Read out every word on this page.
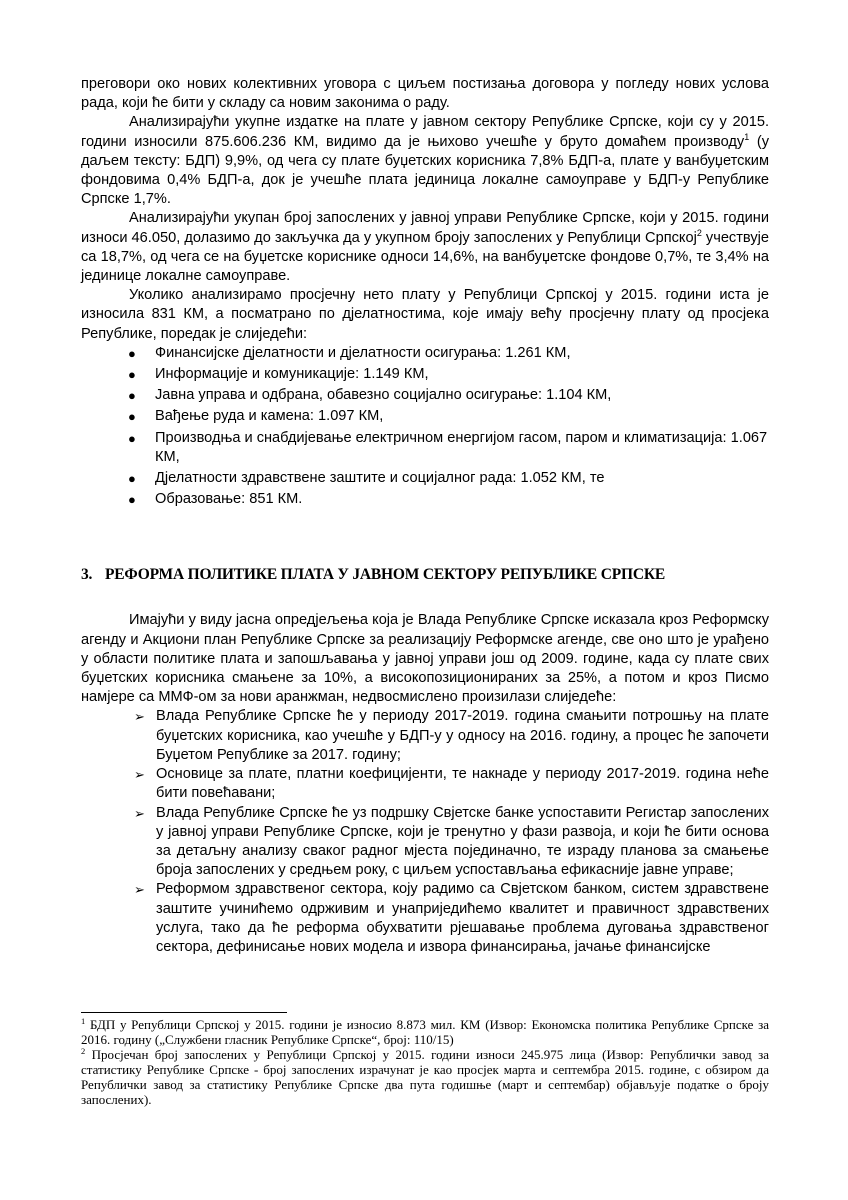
преговори око нових колективних уговора с циљем постизања договора у погледу нових услова рада, који ће бити у складу са новим законима о раду.

Анализирајући укупне издатке на плате у јавном сектору Републике Српске, који су у 2015. години износили 875.606.236 КМ, видимо да је њихово учешће у бруто домаћем производу$^1$ (у даљем тексту: БДП) 9,9%, од чега су плате буџетских корисника 7,8% БДП-а, плате у ванбуџетским фондовима 0,4% БДП-а, док је учешће плата јединица локалне самоуправе у БДП-у Републике Српске 1,7%.

Анализирајући укупан број запослених у јавној управи Републике Српске, који у 2015. години износи 46.050, долазимо до закључка да у укупном броју запослених у Републици Српској$^2$ учествује са 18,7%, од чега се на буџетске кориснике односи 14,6%, на ванбуџетске фондове 0,7%, те 3,4% на јединице локалне самоуправе.

Уколико анализирамо просјечну нето плату у Републици Српској у 2015. години иста је износила 831 КМ, а посматрано по дјелатностима, које имају већу просјечну плату од просјека Републике, поредак је слиједећи:

● Финансијске дјелатности и дјелатности осигурања: 1.261 КМ,
● Информације и комуникације: 1.149 КМ,
● Јавна управа и одбрана, обавезно социјално осигурање: 1.104 КМ,
● Вађење руда и камена: 1.097 КМ,
● Производња и снабдијевање електричном енергијом гасом, паром и климатизација: 1.067 КМ,
● Дјелатности здравствене заштите и социјалног рада: 1.052 КМ, те
● Образовање: 851 КМ.
3. РЕФОРМА ПОЛИТИКЕ ПЛАТА У ЈАВНОМ СЕКТОРУ РЕПУБЛИКЕ СРПСКЕ

Имајући у виду јасна опредјељења која је Влада Републике Српске исказала кроз Реформску агенду и Акциони план Републике Српске за реализацију Реформске агенде, све оно што је урађено у области политике плата и запошљавања у јавној управи још од 2009. године, када су плате свих буџетских корисника смањене за 10%, а високопозиционираних за 25%, а потом и кроз Писмо намјере са ММФ-ом за нови аранжман, недвосмислено произилази слиједеће:

➢ Влада Републике Српске ће у периоду 2017-2019. година смањити потрошњу на плате буџетских корисника, као учешће у БДП-у у односу на 2016. годину, а процес ће започети Буџетом Републике за 2017. годину;
➢ Основице за плате, платни коефицијенти, те накнаде у периоду 2017-2019. година неће бити повећавани;
➢ Влада Републике Српске ће уз подршку Свјетске банке успоставити Регистар запослених у јавној управи Републике Српске, који је тренутно у фази развоја, и који ће бити основа за детаљну анализу сваког радног мјеста појединачно, те израду планова за смањење броја запослених у средњем року, с циљем успостављања ефикасније јавне управе;
➢ Реформом здравственог сектора, коју радимо са Свјетском банком, систем здравствене заштите учинићемо одрживим и унаприједићемо квалитет и правичност здравствених услуга, тако да ће реформа обухватити рјешавање проблема дуговања здравственог сектора, дефинисање нових модела и извора финансирања, јачање финансијске

$^1$ БДП у Републици Српској у 2015. години је износио 8.873 мил. КМ (Извор: Економска политика Републике Српске за 2016. годину („Службени гласник Републике Српске“, број: 110/15)

$^2$ Просјечан број запослених у Републици Српској у 2015. години износи 245.975 лица (Извор: Републички завод за статистику Републике Српске - број запослених израчунат је као просјек марта и септембра 2015. године, с обзиром да Републички завод за статистику Републике Српске два пута годишње (март и септембар) објављује податке о броју запослених).
